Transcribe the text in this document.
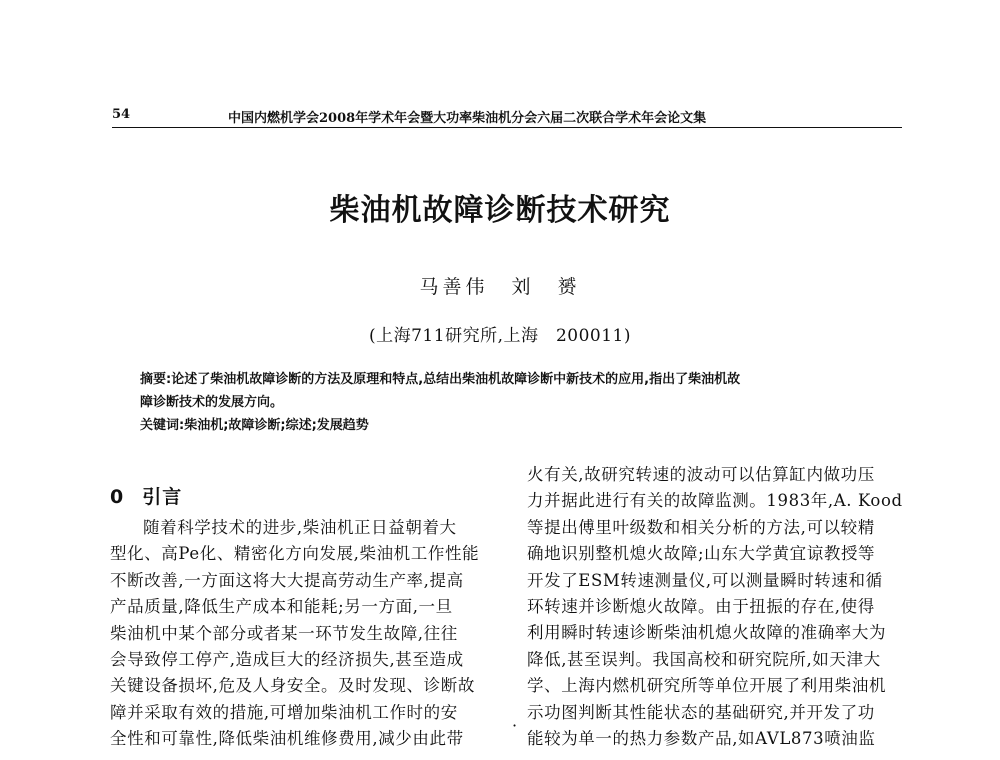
54	中国内燃机学会2008年学术年会暨大功率柴油机分会六届二次联合学术年会论文集
柴油机故障诊断技术研究
马善伟　刘　赟
(上海711研究所,上海　200011)
摘要:论述了柴油机故障诊断的方法及原理和特点,总结出柴油机故障诊断中新技术的应用,指出了柴油机故
障诊断技术的发展方向。
关键词:柴油机;故障诊断;综述;发展趋势
0 引言
随着科学技术的进步,柴油机正日益朝着大
型化、高Pe化、精密化方向发展,柴油机工作性能
不断改善,一方面这将大大提高劳动生产率,提高
产品质量,降低生产成本和能耗;另一方面,一旦
柴油机中某个部分或者某一环节发生故障,往往
会导致停工停产,造成巨大的经济损失,甚至造成
关键设备损坏,危及人身安全。及时发现、诊断故
障并采取有效的措施,可增加柴油机工作时的安
全性和可靠性,降低柴油机维修费用,减少由此带
·
火有关,故研究转速的波动可以估算缸内做功压
力并据此进行有关的故障监测。1983年,A. Kood
等提出傅里叶级数和相关分析的方法,可以较精
确地识别整机熄火故障;山东大学黄宜谅教授等
开发了ESM转速测量仪,可以测量瞬时转速和循
环转速并诊断熄火故障。由于扭振的存在,使得
利用瞬时转速诊断柴油机熄火故障的准确率大为
降低,甚至误判。我国高校和研究院所,如天津大
学、上海内燃机研究所等单位开展了利用柴油机
示功图判断其性能状态的基础研究,并开发了功
能较为单一的热力参数产品,如AVL873喷油监
